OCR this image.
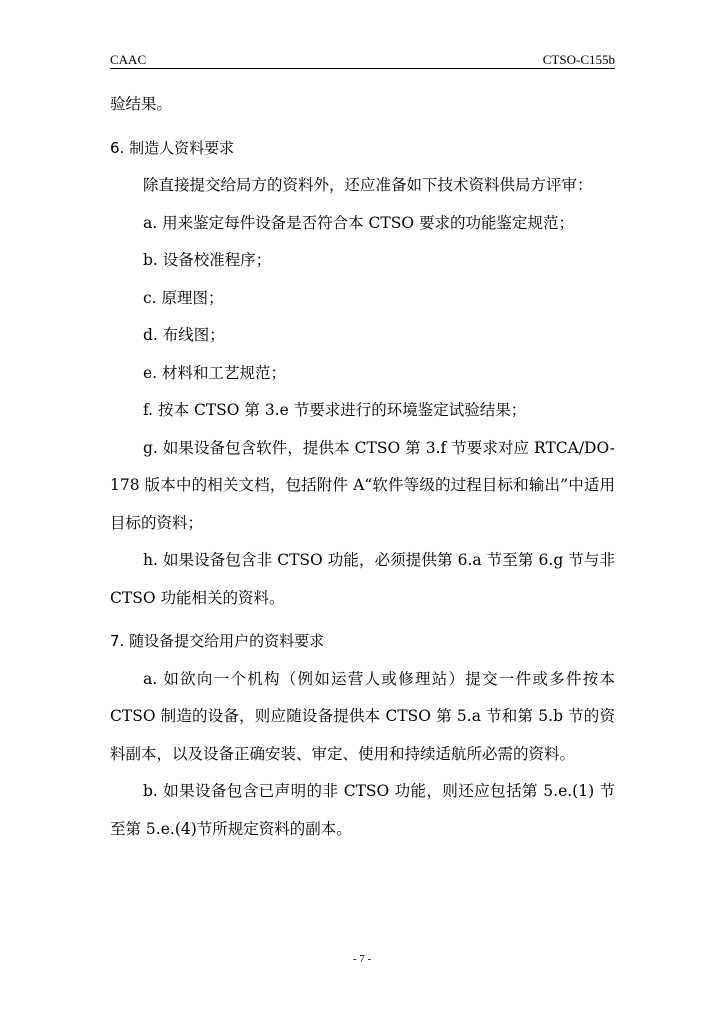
CAAC	CTSO-C155b

验结果。

6. 制造人资料要求

除直接提交给局方的资料外，还应准备如下技术资料供局方评审：

a. 用来鉴定每件设备是否符合本 CTSO 要求的功能鉴定规范；

b. 设备校准程序；

c. 原理图；

d. 布线图；

e. 材料和工艺规范；

f. 按本 CTSO 第 3.e 节要求进行的环境鉴定试验结果；

g. 如果设备包含软件，提供本 CTSO 第 3.f 节要求对应 RTCA/DO-178 版本中的相关文档，包括附件 A“软件等级的过程目标和输出”中适用目标的资料；

h. 如果设备包含非 CTSO 功能，必须提供第 6.a 节至第 6.g 节与非 CTSO 功能相关的资料。

7. 随设备提交给用户的资料要求

a. 如欲向一个机构（例如运营人或修理站）提交一件或多件按本 CTSO 制造的设备，则应随设备提供本 CTSO 第 5.a 节和第 5.b 节的资料副本，以及设备正确安装、审定、使用和持续适航所必需的资料。

b. 如果设备包含已声明的非 CTSO 功能，则还应包括第 5.e.(1) 节至第 5.e.(4)节所规定资料的副本。

- 7 -
